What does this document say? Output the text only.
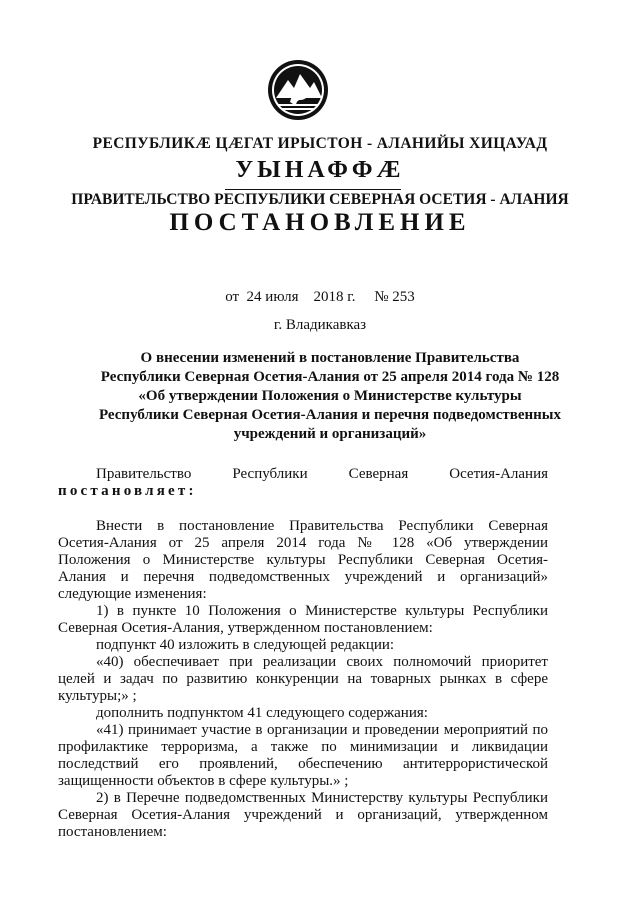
РЕСПУБЛИКӔ ЦӔГАТ ИРЫСТОН - АЛАНИЙЫ ХИЦАУАД
УЫНАФФӔ
ПРАВИТЕЛЬСТВО РЕСПУБЛИКИ СЕВЕРНАЯ ОСЕТИЯ - АЛАНИЯ
ПОСТАНОВЛЕНИЕ
от  24 июля    2018 г.     № 253
г. Владикавказ
О внесении изменений в постановление Правительства
Республики Северная Осетия-Алания от 25 апреля 2014 года № 128
«Об утверждении Положения о Министерстве культуры
Республики Северная Осетия-Алания и перечня подведомственных
учреждений и организаций»
Правительство Республики Северная Осетия-Алания
постановляет:
Внести в постановление Правительства Республики Северная
Осетия-Алания от 25 апреля 2014 года № 128 «Об утверждении
Положения о Министерстве культуры Республики Северная Осетия-
Алания и перечня подведомственных учреждений и организаций»
следующие изменения:
1) в пункте 10 Положения о Министерстве культуры Республики
Северная Осетия-Алания, утвержденном постановлением:
подпункт 40 изложить в следующей редакции:
«40) обеспечивает при реализации своих полномочий приоритет
целей и задач по развитию конкуренции на товарных рынках в сфере
культуры;» ;
дополнить подпунктом 41 следующего содержания:
«41) принимает участие в организации и проведении мероприятий по
профилактике терроризма, а также по минимизации и ликвидации
последствий его проявлений, обеспечению антитеррористической
защищенности объектов в сфере культуры.» ;
2) в Перечне подведомственных Министерству культуры Республики
Северная Осетия-Алания учреждений и организаций, утвержденном
постановлением:
